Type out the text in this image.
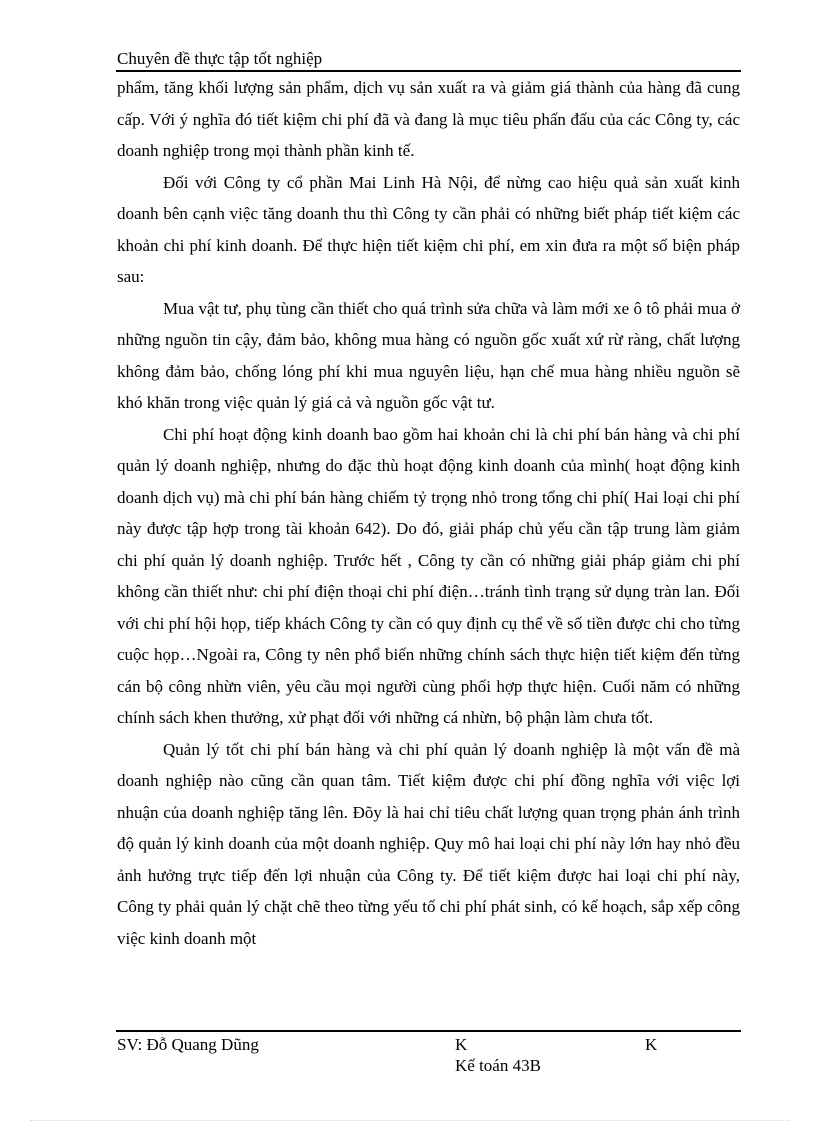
Chuyên đề thực tập tốt nghiệp

phẩm, tăng khối lượng sản phẩm, dịch vụ sản xuất ra và giảm giá thành của hàng đã cung cấp. Với ý nghĩa đó tiết kiệm chi phí đã và đang là mục tiêu phấn đấu của các Công ty, các doanh nghiệp trong mọi thành phần kinh tế.

Đối với Công ty cổ phần Mai Linh Hà Nội, để nừng cao hiệu quả sản xuất kinh doanh bên cạnh việc tăng doanh thu thì Công ty cần phải có những biết pháp tiết kiệm các khoản chi phí kinh doanh. Để thực hiện tiết kiệm chi phí, em xin đưa ra một số biện pháp sau:

Mua vật tư, phụ tùng cần thiết cho quá trình sửa chữa và làm mới xe ô tô phải mua ở những nguồn tin cậy, đảm bảo, không mua hàng có nguồn gốc xuất xứ rừ ràng, chất lượng không đảm bảo, chống lóng phí khi mua nguyên liệu, hạn chế mua hàng nhiều nguồn sẽ khó khăn trong việc quản lý giá cả và nguồn gốc vật tư.

Chi phí hoạt động kinh doanh bao gồm hai khoản chi là chi phí bán hàng và chi phí quản lý doanh nghiệp, nhưng do đặc thù hoạt động kinh doanh của mình( hoạt động kinh doanh dịch vụ) mà chi phí bán hàng chiếm tỷ trọng nhỏ trong tổng chi phí( Hai loại chi phí này được tập hợp trong tài khoản 642). Do đó, giải pháp chủ yếu cần tập trung làm giảm chi phí quản lý doanh nghiệp. Trước hết , Công ty cần có những giải pháp giảm chi phí không cần thiết như: chi phí điện thoại chi phí điện…tránh tình trạng sử dụng tràn lan. Đối với chi phí hội họp, tiếp khách Công ty cần có quy định cụ thể về số tiền được chi cho từng cuộc họp…Ngoài ra, Công ty nên phổ biến những chính sách thực hiện tiết kiệm đến từng cán bộ công nhừn viên, yêu cầu mọi người cùng phối hợp thực hiện. Cuối năm có những chính sách khen thưởng, xử phạt đối với những cá nhừn, bộ phận làm chưa tốt.

Quản lý tốt chi phí bán hàng và chi phí quản lý doanh nghiệp là một vấn đề mà doanh nghiệp nào cũng cần quan tâm. Tiết kiệm được chi phí đồng nghĩa với việc lợi nhuận của doanh nghiệp tăng lên. Đõy là hai chỉ tiêu chất lượng quan trọng phản ánh trình độ quản lý kinh doanh của một doanh nghiệp. Quy mô hai loại chi phí này lớn hay nhỏ đều ảnh hưởng trực tiếp đến lợi nhuận của Công ty. Để tiết kiệm được hai loại chi phí này, Công ty phải quản lý chặt chẽ theo từng yếu tố chi phí phát sinh, có kế hoạch, sắp xếp công việc kinh doanh một

SV: Đỗ Quang Dũng	K	K
Kế toán 43B
